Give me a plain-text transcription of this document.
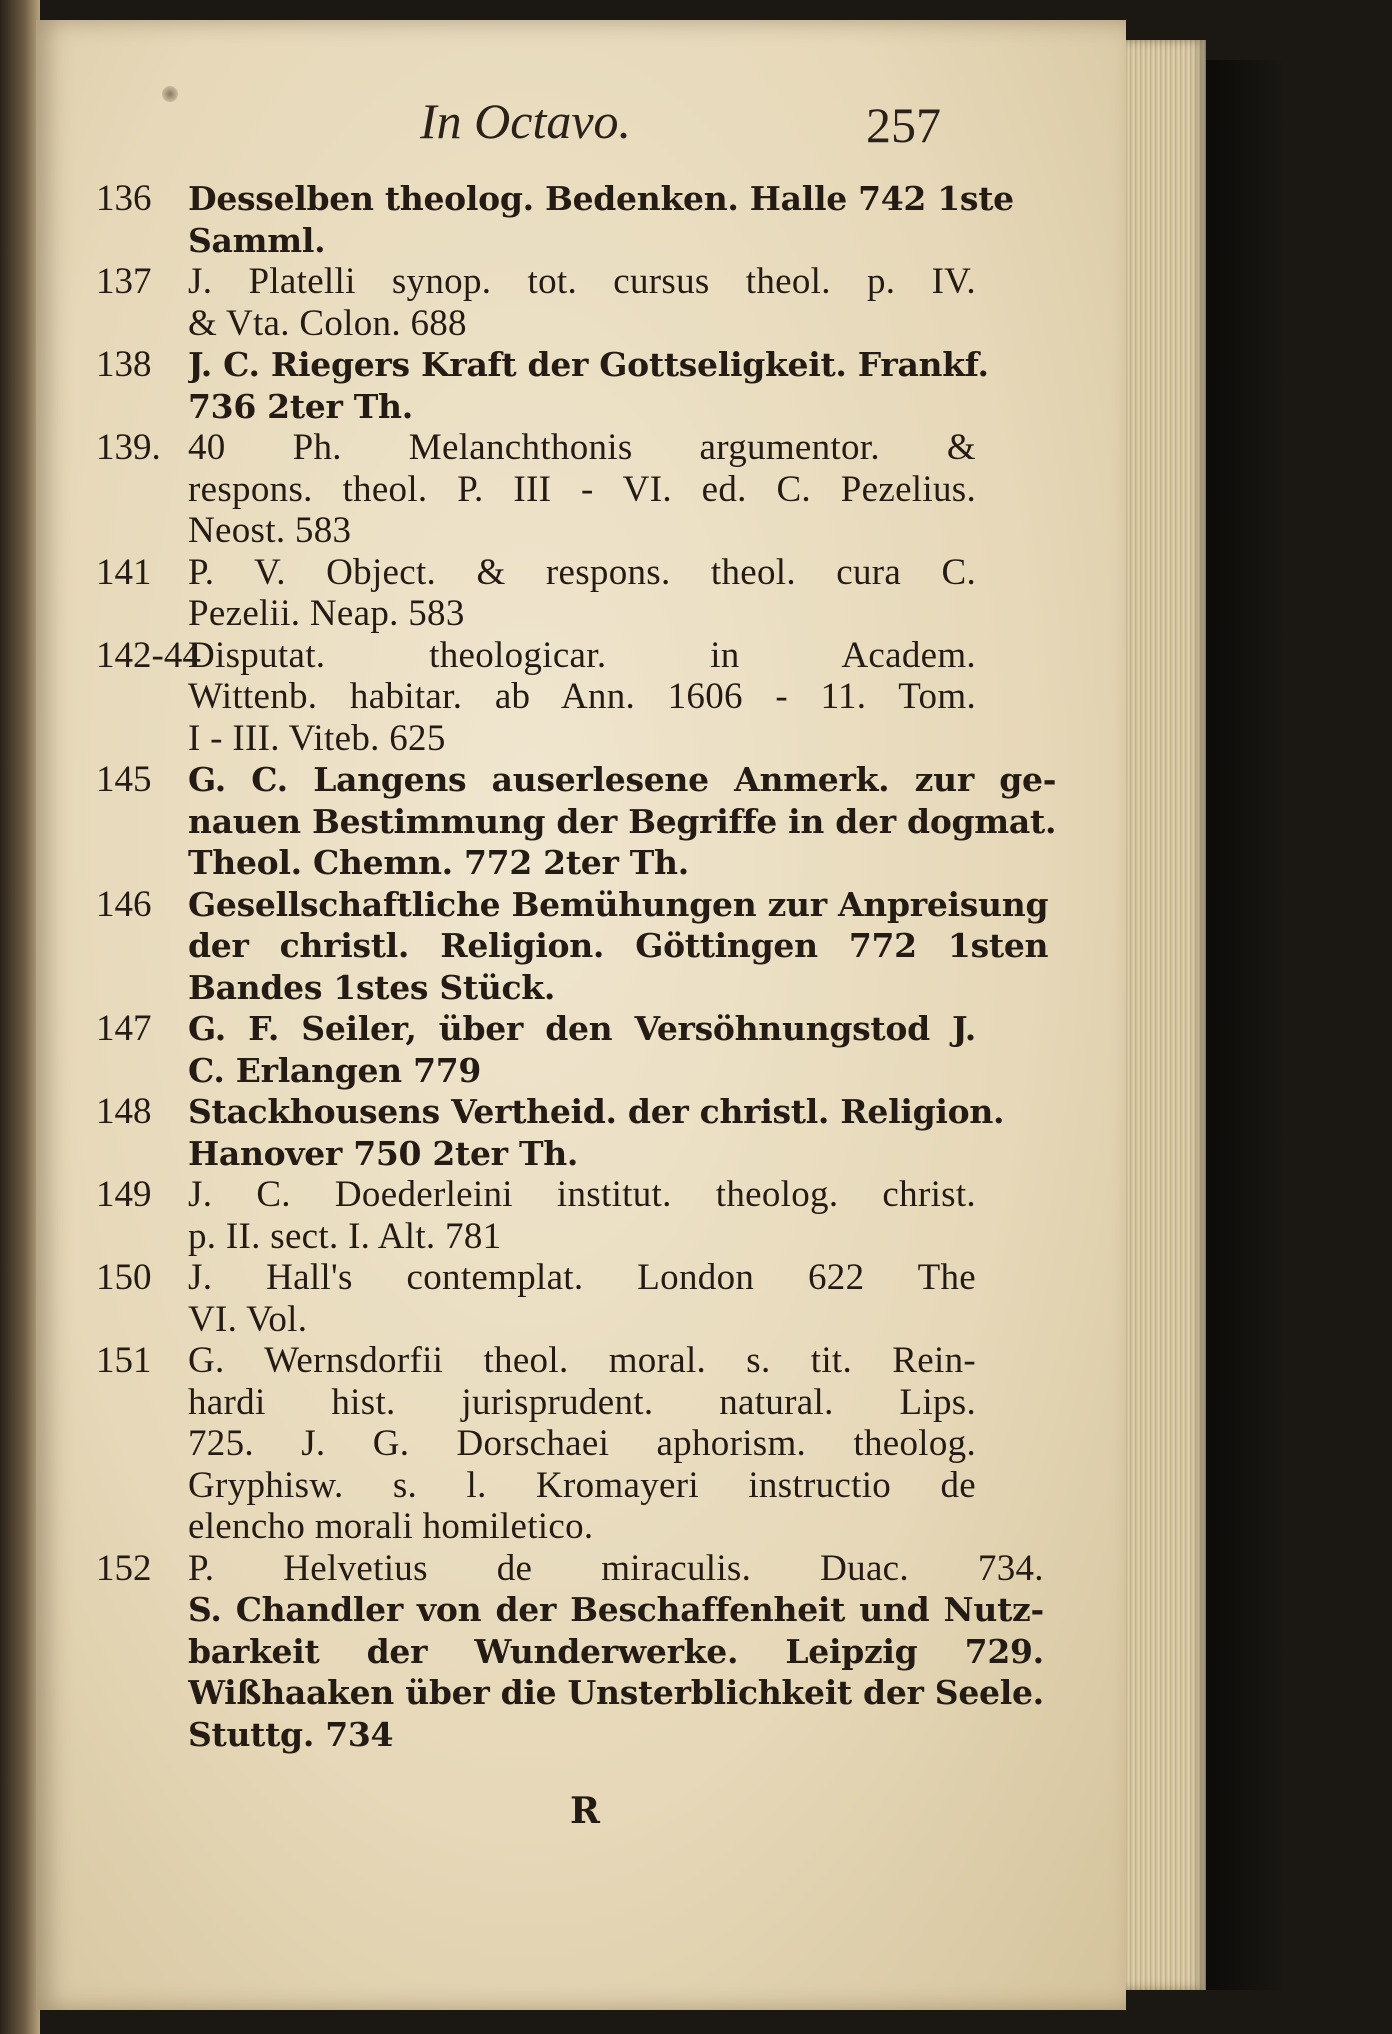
In Octavo.	257
136	Desselben theolog. Bedenken. Halle 742 1ste
Samml.
137 J. Platelli synop. tot. cursus theol. p. IV.
& Vta. Colon. 688
138	J. C. Riegers Kraft der Gottseligkeit. Frankf.
736 2ter Th.
139. 40 Ph. Melanchthonis argumentor. &
respons. theol. P. III - VI. ed. C. Pezelius.
Neost. 583
141 P. V. Object. & respons. theol. cura C.
Pezelii. Neap. 583
142-44
Disputat. theologicar. in Academ.
Wittenb. habitar. ab Ann. 1606 - 11. Tom.
I - III. Viteb. 625
145	G. C. Langens auserlesene Anmerk. zur ge-
nauen Bestimmung der Begriffe in der dogmat.
Theol. Chemn. 772 2ter Th.
146	Gesellschaftliche Bemühungen zur Anpreisung
der christl. Religion. Göttingen 772 1sten
Bandes 1stes Stück.
147	G. F. Seiler, über den Versöhnungstod J.
C. Erlangen 779
148	Stackhousens Vertheid. der christl. Religion.
Hanover 750 2ter Th.
149 J. C. Doederleini institut. theolog. christ.
p. II. sect. I. Alt. 781
150 J. Hall's contemplat. London 622 The
VI. Vol.
151 G. Wernsdorfii theol. moral. s. tit. Rein-
hardi hist. jurisprudent. natural. Lips.
725. J. G. Dorschaei aphorism. theolog.
Gryphisw. s. l. Kromayeri instructio de
elencho morali homiletico.
152 P. Helvetius de miraculis. Duac. 734.
S. Chandler von der Beschaffenheit und Nutz-
barkeit der Wunderwerke. Leipzig 729.
Wißhaaken über die Unsterblichkeit der Seele.
Stuttg. 734
R
